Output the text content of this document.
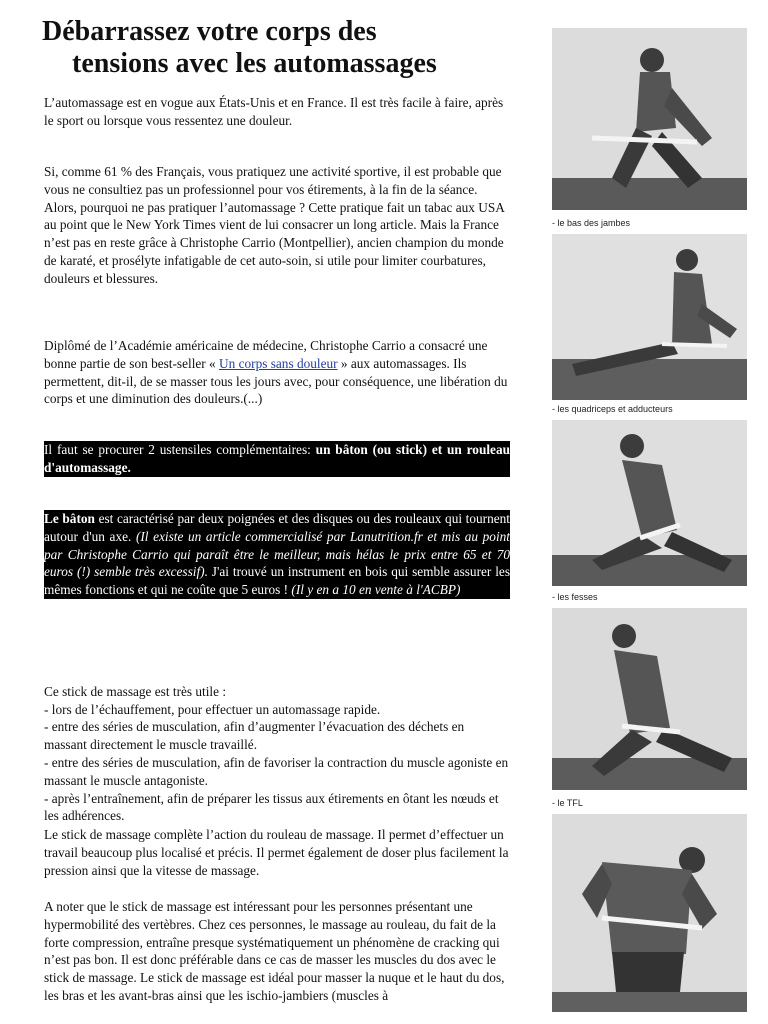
Débarrassez votre corps des
tensions avec les automassages

L’automassage est en vogue aux États-Unis et en France. Il est très facile à faire, après le sport ou lorsque vous ressentez une douleur.

Si, comme 61 % des Français, vous pratiquez une activité sportive, il est probable que vous ne consultiez pas un professionnel pour vos étirements, à la fin de la séance. Alors, pourquoi ne pas pratiquer l’automassage ? Cette pratique fait un tabac aux USA au point que le New York Times vient de lui consacrer un long article. Mais la France n’est pas en reste grâce à Christophe Carrio (Montpellier), ancien champion du monde de karaté, et prosélyte infatigable de cet auto-soin, si utile pour limiter courbatures, douleurs et blessures.

Diplômé de l’Académie américaine de médecine, Christophe Carrio a consacré une bonne partie de son best-seller « Un corps sans douleur » aux automassages. Ils permettent, dit-il, de se masser tous les jours avec, pour conséquence, une libération du corps et une diminution des douleurs.(...)

Il faut se procurer 2 ustensiles complémentaires: un bâton (ou stick) et un rouleau d'automassage.

Le bâton est caractérisé par deux poignées et des disques ou des rouleaux qui tournent autour d'un axe. (Il existe un article commercialisé par Lanutrition.fr et mis au point par Christophe Carrio qui paraît être le meilleur, mais hélas le prix entre 65 et 70 euros (!) semble très excessif). J'ai trouvé un instrument en bois qui semble assurer les mêmes fonctions et qui ne coûte que 5 euros ! (Il y en a 10 en vente à l'ACBP)

Ce stick de massage est très utile :
- lors de l’échauffement, pour effectuer un automassage rapide.
- entre des séries de musculation, afin d’augmenter l’évacuation des déchets en massant directement le muscle travaillé.
- entre des séries de musculation, afin de favoriser la contraction du muscle agoniste en massant le muscle antagoniste.
- après l’entraînement, afin de préparer les tissus aux étirements en ôtant les nœuds et les adhérences.

Le stick de massage complète l’action du rouleau de massage. Il permet d’effectuer un travail beaucoup plus localisé et précis. Il permet également de doser plus facilement la pression ainsi que la vitesse de massage.

A noter que le stick de massage est intéressant pour les personnes présentant une hypermobilité des vertèbres. Chez ces personnes, le massage au rouleau, du fait de la forte compression, entraîne presque systématiquement un phénomène de cracking qui n’est pas bon. Il est donc préférable dans ce cas de masser les muscles du dos avec le stick de massage. Le stick de massage est idéal pour masser la nuque et le haut du dos, les bras et les avant-bras ainsi que les ischio-jambiers (muscles à

- le bas des jambes
- les quadriceps et adducteurs
- les fesses
- le TFL
